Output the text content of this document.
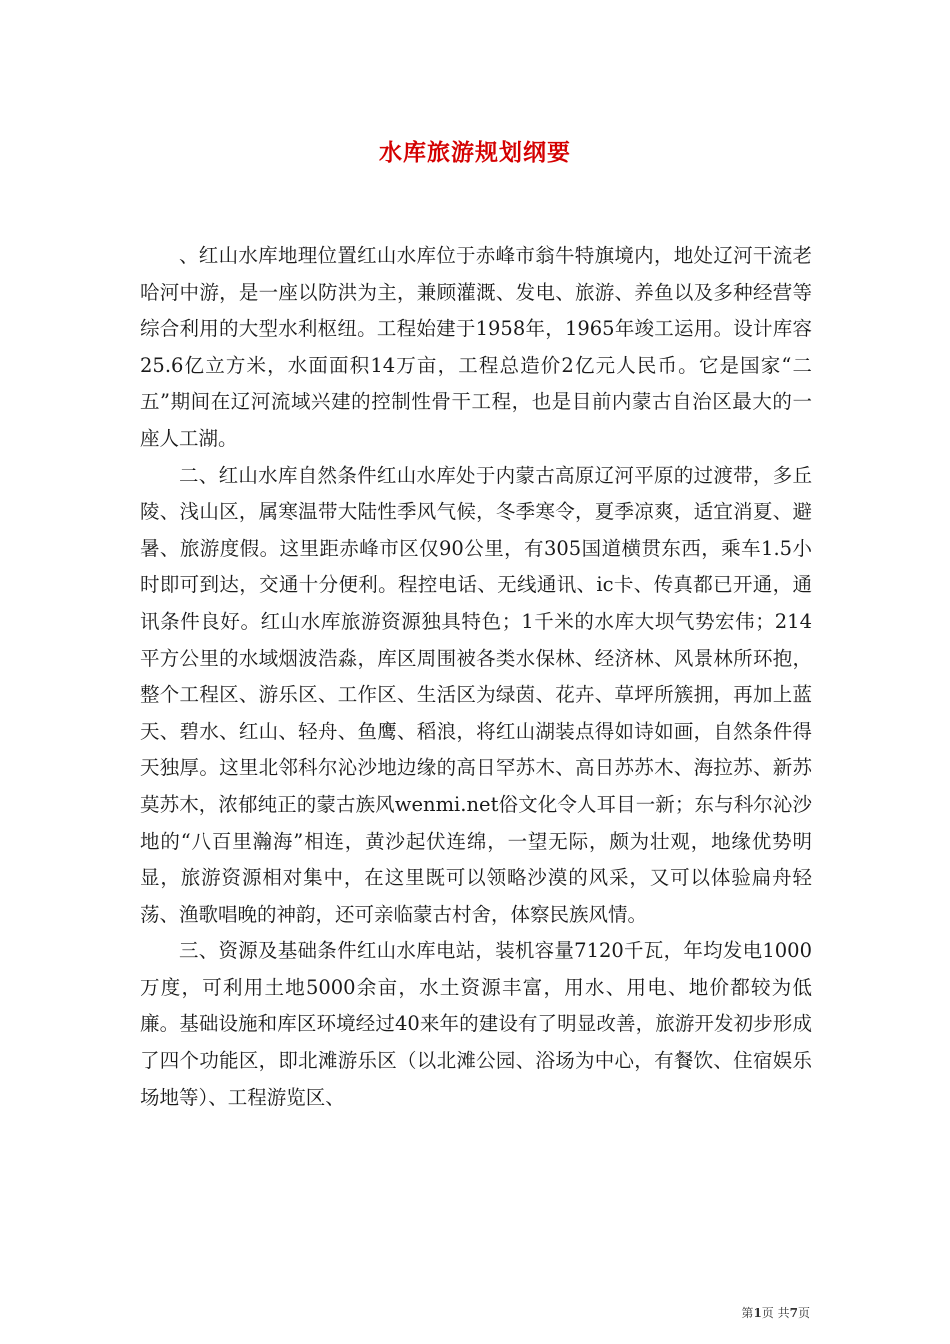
水库旅游规划纲要

、红山水库地理位置红山水库位于赤峰市翁牛特旗境内，地处辽河干流老哈河中游，是一座以防洪为主，兼顾灌溉、发电、旅游、养鱼以及多种经营等综合利用的大型水利枢纽。工程始建于1958年，1965年竣工运用。设计库容25.6亿立方米，水面面积14万亩，工程总造价2亿元人民币。它是国家“二五”期间在辽河流域兴建的控制性骨干工程，也是目前内蒙古自治区最大的一座人工湖。

二、红山水库自然条件红山水库处于内蒙古高原辽河平原的过渡带，多丘陵、浅山区，属寒温带大陆性季风气候，冬季寒令，夏季凉爽，适宜消夏、避暑、旅游度假。这里距赤峰市区仅90公里，有305国道横贯东西，乘车1.5小时即可到达，交通十分便利。程控电话、无线通讯、ic卡、传真都已开通，通讯条件良好。红山水库旅游资源独具特色；1千米的水库大坝气势宏伟；214平方公里的水域烟波浩淼，库区周围被各类水保林、经济林、风景林所环抱，整个工程区、游乐区、工作区、生活区为绿茵、花卉、草坪所簇拥，再加上蓝天、碧水、红山、轻舟、鱼鹰、稻浪，将红山湖装点得如诗如画，自然条件得天独厚。这里北邻科尔沁沙地边缘的高日罕苏木、高日苏苏木、海拉苏、新苏莫苏木，浓郁纯正的蒙古族风wenmi.net俗文化令人耳目一新；东与科尔沁沙地的“八百里瀚海”相连，黄沙起伏连绵，一望无际，颇为壮观，地缘优势明显，旅游资源相对集中，在这里既可以领略沙漠的风采，又可以体验扁舟轻荡、渔歌唱晚的神韵，还可亲临蒙古村舍，体察民族风情。

三、资源及基础条件红山水库电站，装机容量7120千瓦，年均发电1000万度，可利用土地5000余亩，水土资源丰富，用水、用电、地价都较为低廉。基础设施和库区环境经过40来年的建设有了明显改善，旅游开发初步形成了四个功能区，即北滩游乐区（以北滩公园、浴场为中心，有餐饮、住宿娱乐场地等）、工程游览区、

第1页 共7页
